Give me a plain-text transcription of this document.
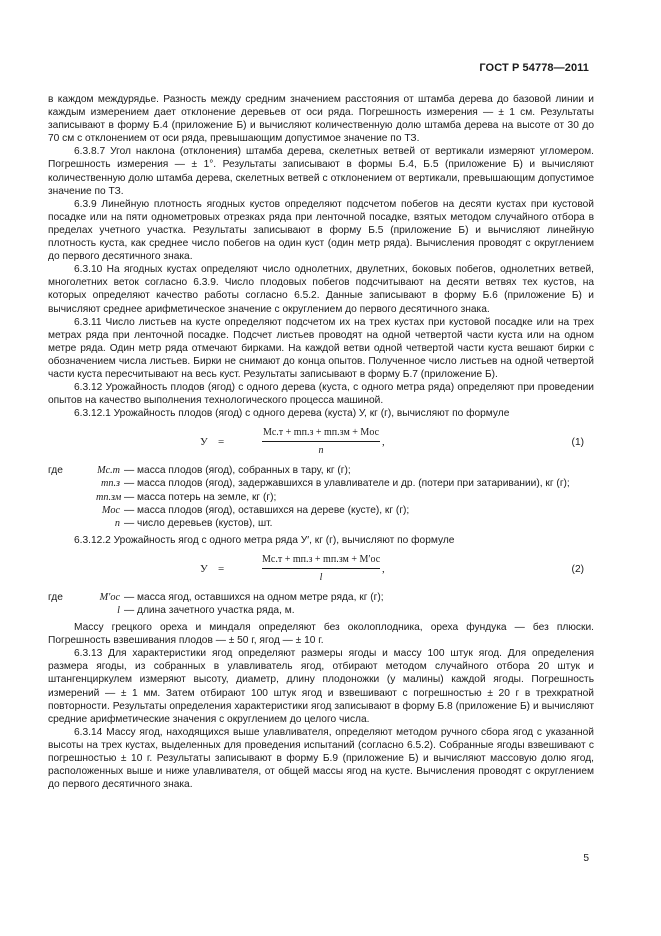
ГОСТ Р 54778—2011

в каждом междурядье. Разность между средним значением расстояния от штамба дерева до базовой линии и каждым измерением дает отклонение деревьев от оси ряда. Погрешность измерения — ± 1 см. Результаты записывают в форму Б.4 (приложение Б) и вычисляют количественную долю штамба дерева на высоте от 30 до 70 см с отклонением от оси ряда, превышающим допустимое значение по ТЗ.

6.3.8.7 Угол наклона (отклонения) штамба дерева, скелетных ветвей от вертикали измеряют угломером. Погрешность измерения — ± 1°. Результаты записывают в формы Б.4, Б.5 (приложение Б) и вычисляют количественную долю штамба дерева, скелетных ветвей с отклонением от вертикали, превышающим допустимое значение по ТЗ.

6.3.9 Линейную плотность ягодных кустов определяют подсчетом побегов на десяти кустах при кустовой посадке или на пяти однометровых отрезках ряда при ленточной посадке, взятых методом случайного отбора в пределах учетного участка. Результаты записывают в форму Б.5 (приложение Б) и вычисляют линейную плотность куста, как среднее число побегов на один куст (один метр ряда). Вычисления проводят с округлением до первого десятичного знака.

6.3.10 На ягодных кустах определяют число однолетних, двулетних, боковых побегов, однолетних ветвей, многолетних веток согласно 6.3.9. Число плодовых побегов подсчитывают на десяти ветвях тех кустов, на которых определяют качество работы согласно 6.5.2. Данные записывают в форму Б.6 (приложение Б) и вычисляют среднее арифметическое значение с округлением до первого десятичного знака.

6.3.11 Число листьев на кусте определяют подсчетом их на трех кустах при кустовой посадке или на трех метрах ряда при ленточной посадке. Подсчет листьев проводят на одной четвертой части куста или на одном метре ряда. Один метр ряда отмечают бирками. На каждой ветви одной четвертой части куста вешают бирки с обозначением числа листьев. Бирки не снимают до конца опытов. Полученное число листьев на одной четвертой части куста пересчитывают на весь куст. Результаты записывают в форму Б.7 (приложение Б).

6.3.12 Урожайность плодов (ягод) с одного дерева (куста, с одного метра ряда) определяют при проведении опытов на качество выполнения технологического процесса машиной.

6.3.12.1 Урожайность плодов (ягод) с одного дерева (куста) У, кг (г), вычисляют по формуле

У =
Mс.т + mп.з + mп.зм + Mос
n
,	(1)
где	Mс.т — масса плодов (ягод), собранных в тару, кг (г);
mп.з — масса плодов (ягод), задержавшихся в улавливателе и др. (потери при затаривании), кг (г);
mп.зм — масса потерь на земле, кг (г);
Mос — масса плодов (ягод), оставшихся на дереве (кусте), кг (г);
n — число деревьев (кустов), шт.

6.3.12.2 Урожайность ягод с одного метра ряда У′, кг (г), вычисляют по формуле

У =
Mс.т + mп.з + mп.зм + M′ос
l
,	(2)
где	M′ос — масса ягод, оставшихся на одном метре ряда, кг (г);
l — длина зачетного участка ряда, м.

Массу грецкого ореха и миндаля определяют без околоплодника, ореха фундука — без плюски. Погрешность взвешивания плодов — ± 50 г, ягод — ± 10 г.

6.3.13 Для характеристики ягод определяют размеры ягоды и массу 100 штук ягод. Для определения размера ягоды, из собранных в улавливатель ягод, отбирают методом случайного отбора 20 штук и штангенциркулем измеряют высоту, диаметр, длину плодоножки (у малины) каждой ягоды. Погрешность измерений — ± 1 мм. Затем отбирают 100 штук ягод и взвешивают с погрешностью ± 20 г в трехкратной повторности. Результаты определения характеристики ягод записывают в форму Б.8 (приложение Б) и вычисляют средние арифметические значения с округлением до целого числа.

6.3.14 Массу ягод, находящихся выше улавливателя, определяют методом ручного сбора ягод с указанной высоты на трех кустах, выделенных для проведения испытаний (согласно 6.5.2). Собранные ягоды взвешивают с погрешностью ± 10 г. Результаты записывают в форму Б.9 (приложение Б) и вычисляют массовую долю ягод, расположенных выше и ниже улавливателя, от общей массы ягод на кусте. Вычисления проводят с округлением до первого десятичного знака.

5
